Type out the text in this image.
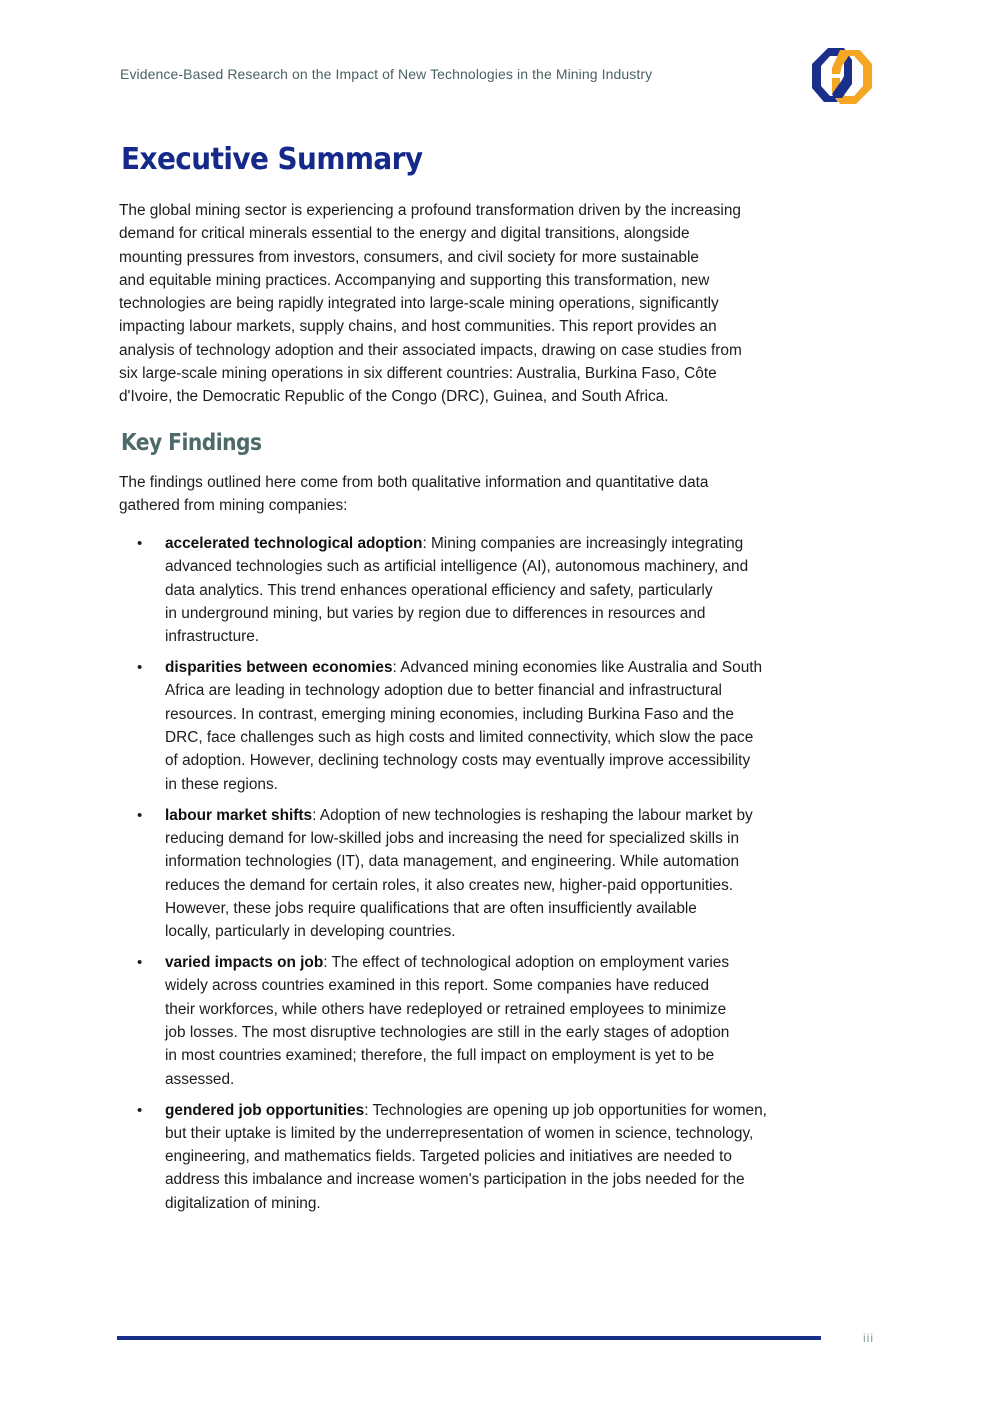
Evidence-Based Research on the Impact of New Technologies in the Mining Industry
Executive Summary

The global mining sector is experiencing a profound transformation driven by the increasing
demand for critical minerals essential to the energy and digital transitions, alongside
mounting pressures from investors, consumers, and civil society for more sustainable
and equitable mining practices. Accompanying and supporting this transformation, new
technologies are being rapidly integrated into large-scale mining operations, significantly
impacting labour markets, supply chains, and host communities. This report provides an
analysis of technology adoption and their associated impacts, drawing on case studies from
six large-scale mining operations in six different countries: Australia, Burkina Faso, Côte
d'Ivoire, the Democratic Republic of the Congo (DRC), Guinea, and South Africa.

Key Findings

The findings outlined here come from both qualitative information and quantitative data
gathered from mining companies:

• accelerated technological adoption: Mining companies are increasingly integrating
advanced technologies such as artificial intelligence (AI), autonomous machinery, and
data analytics. This trend enhances operational efficiency and safety, particularly
in underground mining, but varies by region due to differences in resources and
infrastructure.
• disparities between economies: Advanced mining economies like Australia and South
Africa are leading in technology adoption due to better financial and infrastructural
resources. In contrast, emerging mining economies, including Burkina Faso and the
DRC, face challenges such as high costs and limited connectivity, which slow the pace
of adoption. However, declining technology costs may eventually improve accessibility
in these regions.
• labour market shifts: Adoption of new technologies is reshaping the labour market by
reducing demand for low-skilled jobs and increasing the need for specialized skills in
information technologies (IT), data management, and engineering. While automation
reduces the demand for certain roles, it also creates new, higher-paid opportunities.
However, these jobs require qualifications that are often insufficiently available
locally, particularly in developing countries.
• varied impacts on job: The effect of technological adoption on employment varies
widely across countries examined in this report. Some companies have reduced
their workforces, while others have redeployed or retrained employees to minimize
job losses. The most disruptive technologies are still in the early stages of adoption
in most countries examined; therefore, the full impact on employment is yet to be
assessed.
• gendered job opportunities: Technologies are opening up job opportunities for women,
but their uptake is limited by the underrepresentation of women in science, technology,
engineering, and mathematics fields. Targeted policies and initiatives are needed to
address this imbalance and increase women's participation in the jobs needed for the
digitalization of mining.
iii
